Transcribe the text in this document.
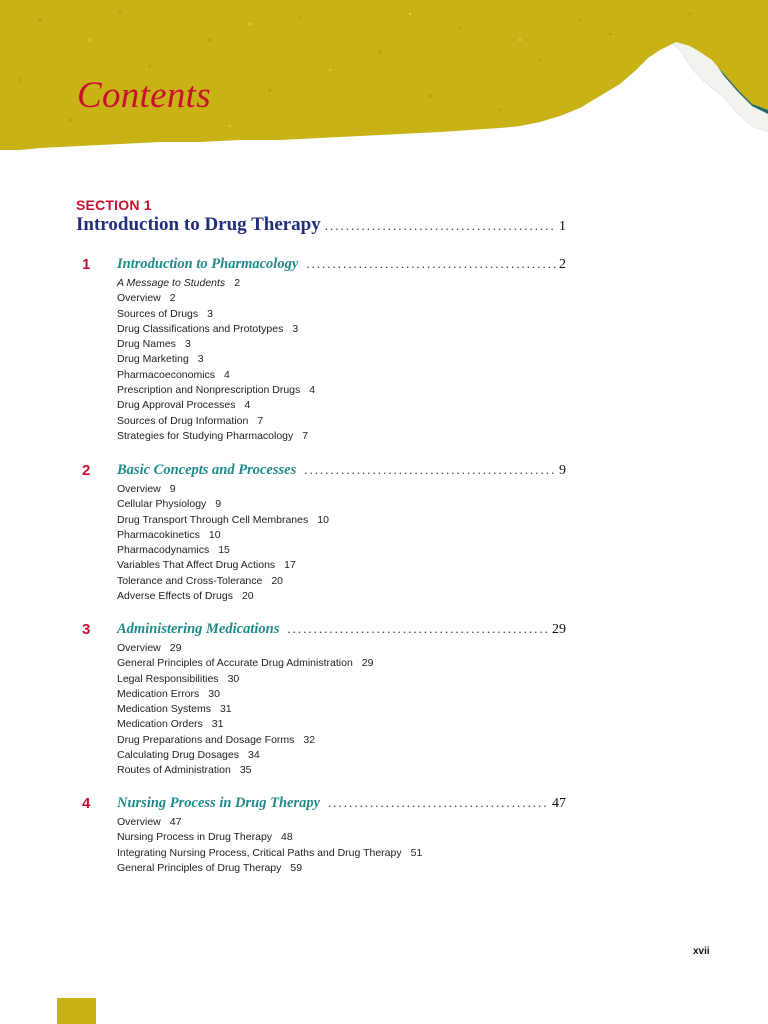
Contents
SECTION 1
Introduction to Drug Therapy .....	1
1 Introduction to Pharmacology .....	2
A Message to Students 2
Overview 2
Sources of Drugs 3
Drug Classifications and Prototypes 3
Drug Names 3
Drug Marketing 3
Pharmacoeconomics 4
Prescription and Nonprescription Drugs 4
Drug Approval Processes 4
Sources of Drug Information 7
Strategies for Studying Pharmacology 7
2 Basic Concepts and Processes .....	9
Overview 9
Cellular Physiology 9
Drug Transport Through Cell Membranes 10
Pharmacokinetics 10
Pharmacodynamics 15
Variables That Affect Drug Actions 17
Tolerance and Cross-Tolerance 20
Adverse Effects of Drugs 20
3 Administering Medications .....	29
Overview 29
General Principles of Accurate Drug Administration 29
Legal Responsibilities 30
Medication Errors 30
Medication Systems 31
Medication Orders 31
Drug Preparations and Dosage Forms 32
Calculating Drug Dosages 34
Routes of Administration 35
4 Nursing Process in Drug Therapy .....	47
Overview 47
Nursing Process in Drug Therapy 48
Integrating Nursing Process, Critical Paths and Drug Therapy 51
General Principles of Drug Therapy 59
xvii
